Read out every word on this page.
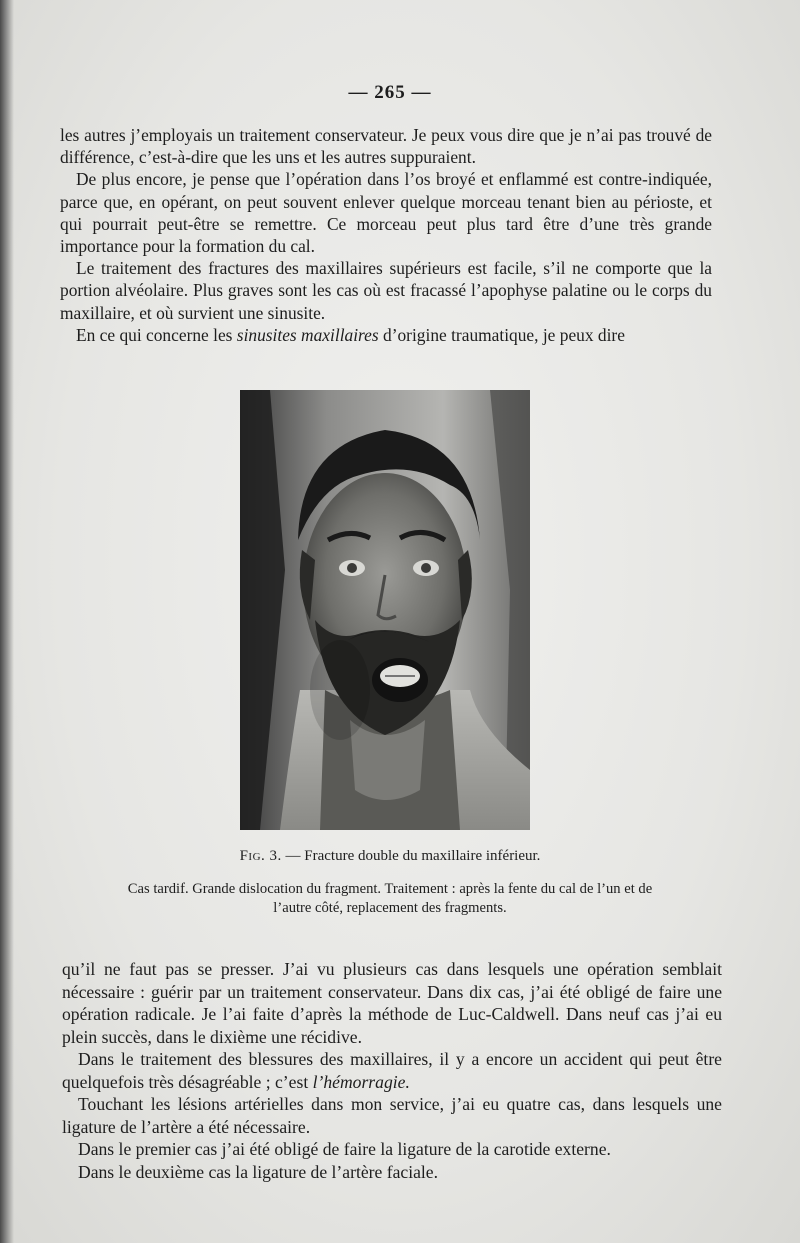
— 265 —

les autres j’employais un traitement conservateur. Je peux vous dire que je n’ai pas trouvé de différence, c’est-à-dire que les uns et les autres suppuraient.

De plus encore, je pense que l’opération dans l’os broyé et enflammé est contre-indiquée, parce que, en opérant, on peut souvent enlever quelque morceau tenant bien au périoste, et qui pourrait peut-être se remettre. Ce morceau peut plus tard être d’une très grande importance pour la formation du cal.

Le traitement des fractures des maxillaires supérieurs est facile, s’il ne comporte que la portion alvéolaire. Plus graves sont les cas où est fracassé l’apophyse palatine ou le corps du maxillaire, et où survient une sinusite.

En ce qui concerne les sinusites maxillaires d’origine traumatique, je peux dire

Fig. 3. — Fracture double du maxillaire inférieur.
Cas tardif. Grande dislocation du fragment. Traitement : après la fente du cal de l’un et de
l’autre côté, replacement des fragments.

qu’il ne faut pas se presser. J’ai vu plusieurs cas dans lesquels une opération semblait nécessaire : guérir par un traitement conservateur. Dans dix cas, j’ai été obligé de faire une opération radicale. Je l’ai faite d’après la méthode de Luc-Caldwell. Dans neuf cas j’ai eu plein succès, dans le dixième une récidive.

Dans le traitement des blessures des maxillaires, il y a encore un accident qui peut être quelquefois très désagréable ; c’est l’hémorragie.

Touchant les lésions artérielles dans mon service, j’ai eu quatre cas, dans lesquels une ligature de l’artère a été nécessaire.

Dans le premier cas j’ai été obligé de faire la ligature de la carotide externe.

Dans le deuxième cas la ligature de l’artère faciale.
